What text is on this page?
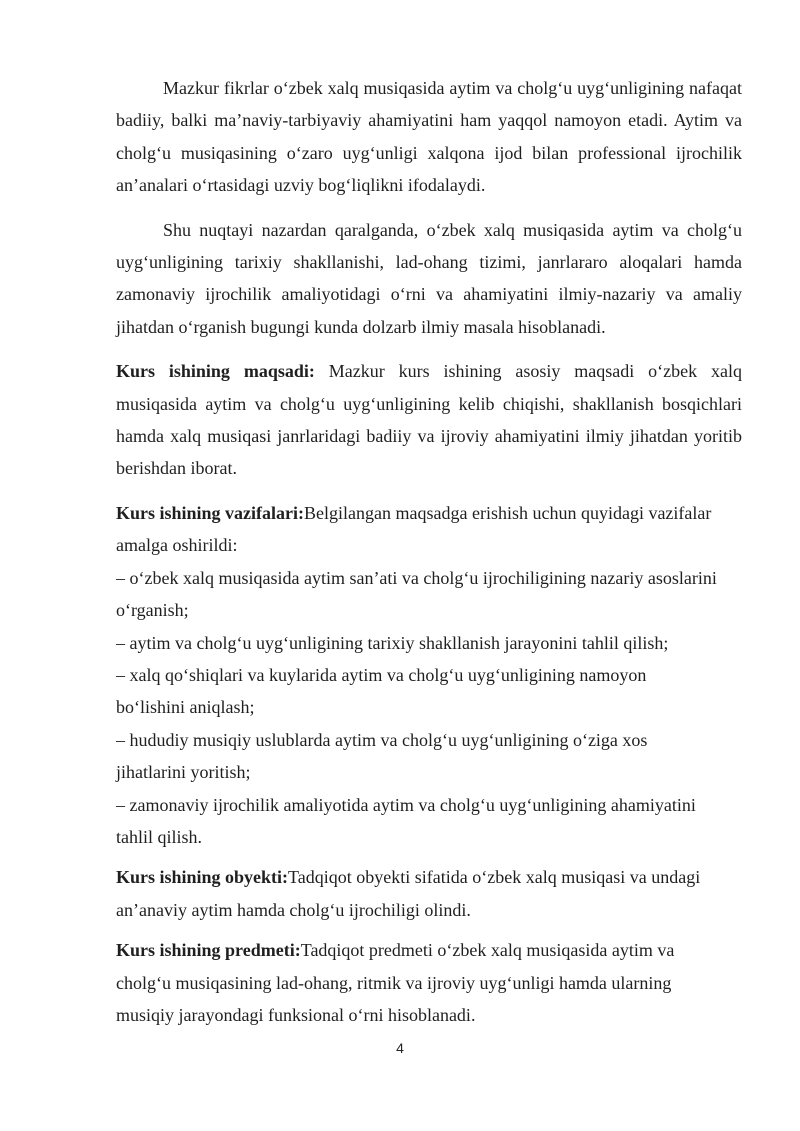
Mazkur fikrlar oʻzbek xalq musiqasida aytim va cholgʻu uygʻunligining nafaqat badiiy, balki maʼnaviy-tarbiyaviy ahamiyatini ham yaqqol namoyon etadi. Aytim va cholgʻu musiqasining oʻzaro uygʻunligi xalqona ijod bilan professional ijrochilik anʼanalari oʻrtasidagi uzviy bogʻliqlikni ifodalaydi.

Shu nuqtayi nazardan qaralganda, oʻzbek xalq musiqasida aytim va cholgʻu uygʻunligining tarixiy shakllanishi, lad-ohang tizimi, janrlararo aloqalari hamda zamonaviy ijrochilik amaliyotidagi oʻrni va ahamiyatini ilmiy-nazariy va amaliy jihatdan oʻrganish bugungi kunda dolzarb ilmiy masala hisoblanadi.

Kurs ishining maqsadi: Mazkur kurs ishining asosiy maqsadi oʻzbek xalq musiqasida aytim va cholgʻu uygʻunligining kelib chiqishi, shakllanish bosqichlari hamda xalq musiqasi janrlaridagi badiiy va ijroviy ahamiyatini ilmiy jihatdan yoritib berishdan iborat.

Kurs ishining vazifalari:Belgilangan maqsadga erishish uchun quyidagi vazifalar

amalga oshirildi:

– oʻzbek xalq musiqasida aytim sanʼati va cholgʻu ijrochiligining nazariy asoslarini

oʻrganish;

– aytim va cholgʻu uygʻunligining tarixiy shakllanish jarayonini tahlil qilish;

– xalq qoʻshiqlari va kuylarida aytim va cholgʻu uygʻunligining namoyon

boʻlishini aniqlash;

– hududiy musiqiy uslublarda aytim va cholgʻu uygʻunligining oʻziga xos

jihatlarini yoritish;

– zamonaviy ijrochilik amaliyotida aytim va cholgʻu uygʻunligining ahamiyatini

tahlil qilish.

Kurs ishining obyekti:Tadqiqot obyekti sifatida oʻzbek xalq musiqasi va undagi

anʼanaviy aytim hamda cholgʻu ijrochiligi olindi.

Kurs ishining predmeti:Tadqiqot predmeti oʻzbek xalq musiqasida aytim va

cholgʻu musiqasining lad-ohang, ritmik va ijroviy uygʻunligi hamda ularning

musiqiy jarayondagi funksional oʻrni hisoblanadi.

4
